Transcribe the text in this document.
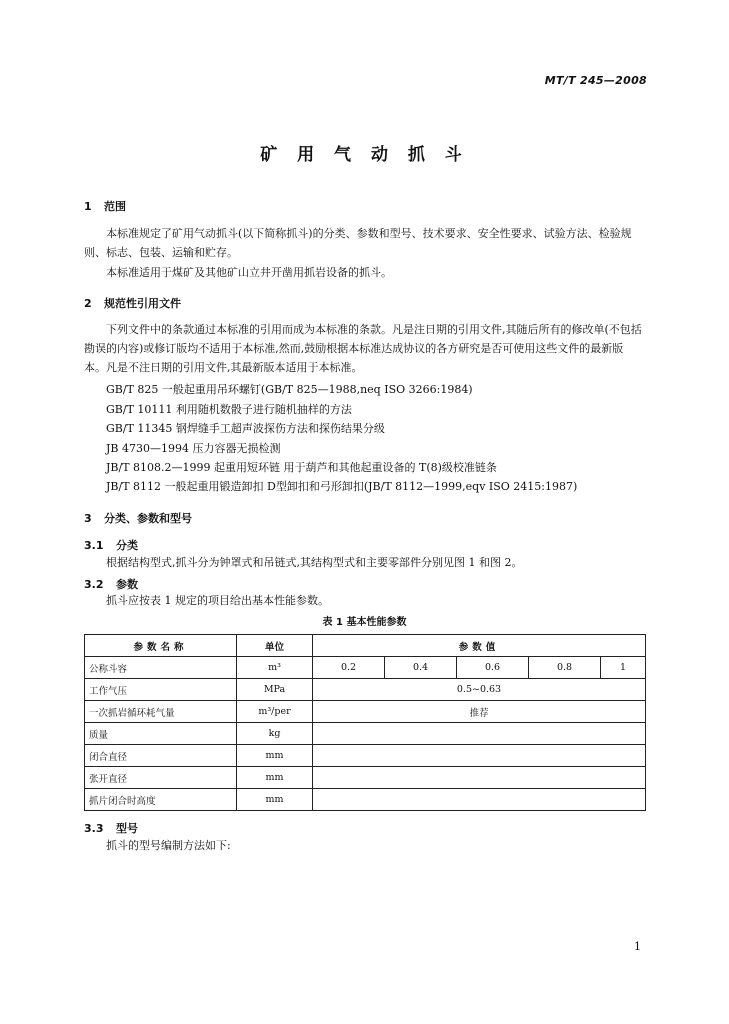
MT/T 245—2008
矿 用 气 动 抓 斗
1 范围
本标准规定了矿用气动抓斗(以下简称抓斗)的分类、参数和型号、技术要求、安全性要求、试验方法、检验规则、标志、包装、运输和贮存。
本标准适用于煤矿及其他矿山立井开凿用抓岩设备的抓斗。
2 规范性引用文件
下列文件中的条款通过本标准的引用而成为本标准的条款。凡是注日期的引用文件,其随后所有的修改单(不包括勘误的内容)或修订版均不适用于本标准,然而,鼓励根据本标准达成协议的各方研究是否可使用这些文件的最新版本。凡是不注日期的引用文件,其最新版本适用于本标准。
GB/T 825 一般起重用吊环螺钉(GB/T 825—1988,neq ISO 3266:1984)
GB/T 10111 利用随机数骰子进行随机抽样的方法
GB/T 11345 钢焊缝手工超声波探伤方法和探伤结果分级
JB 4730—1994 压力容器无损检测
JB/T 8108.2—1999 起重用短环链 用于葫芦和其他起重设备的 T(8)级校准链条
JB/T 8112 一般起重用锻造卸扣 D型卸扣和弓形卸扣(JB/T 8112—1999,eqv ISO 2415:1987)
3 分类、参数和型号
3.1 分类
根据结构型式,抓斗分为钟罩式和吊链式,其结构型式和主要零部件分别见图 1 和图 2。
3.2 参数
抓斗应按表 1 规定的项目给出基本性能参数。
表 1 基本性能参数
参数名称	单位	参数值				
公称斗容	m³	0.2	0.4	0.6	0.8	1
工作气压	MPa	0.5~0.63				
一次抓岩循环耗气量	m³/per	推荐				
质量	kg					
闭合直径	mm					
张开直径	mm					
抓片闭合时高度	mm					
3.3 型号
抓斗的型号编制方法如下:
1
